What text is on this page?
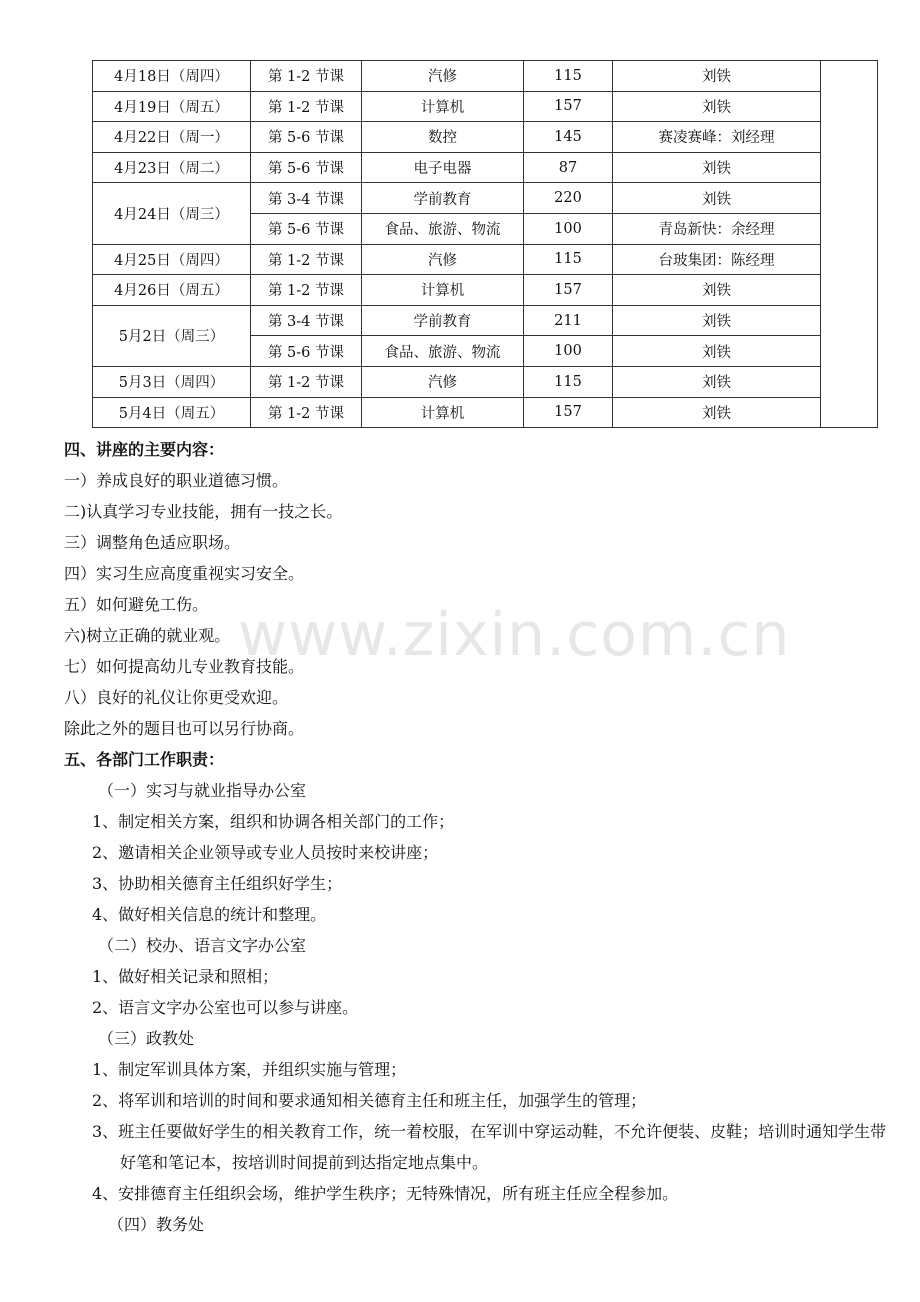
4月18日（周四）	第 1-2 节课	汽修	115	刘铁	
4月19日（周五）	第 1-2 节课	计算机	157	刘铁	
4月22日（周一）	第 5-6 节课	数控	145	赛凌赛峰：刘经理	
4月23日（周二）	第 5-6 节课	电子电器	87	刘铁	
4月24日（周三）	第 3-4 节课	学前教育	220	刘铁	
	第 5-6 节课	食品、旅游、物流	100	青岛新快：余经理	
4月25日（周四）	第 1-2 节课	汽修	115	台玻集团：陈经理	
4月26日（周五）	第 1-2 节课	计算机	157	刘铁	
5月2日（周三）	第 3-4 节课	学前教育	211	刘铁	
	第 5-6 节课	食品、旅游、物流	100	刘铁	
5月3日（周四）	第 1-2 节课	汽修	115	刘铁	
5月4日（周五）	第 1-2 节课	计算机	157	刘铁	
四、讲座的主要内容：
一）养成良好的职业道德习惯。
二)认真学习专业技能，拥有一技之长。
三）调整角色适应职场。
四）实习生应高度重视实习安全。
五）如何避免工伤。
六)树立正确的就业观。
七）如何提高幼儿专业教育技能。
八）良好的礼仪让你更受欢迎。
除此之外的题目也可以另行协商。
五、各部门工作职责：
（一）实习与就业指导办公室
1、制定相关方案，组织和协调各相关部门的工作；
2、邀请相关企业领导或专业人员按时来校讲座；
3、协助相关德育主任组织好学生；
4、做好相关信息的统计和整理。
（二）校办、语言文字办公室
1、做好相关记录和照相；
2、语言文字办公室也可以参与讲座。
（三）政教处
1、制定军训具体方案，并组织实施与管理；
2、将军训和培训的时间和要求通知相关德育主任和班主任，加强学生的管理；
3、班主任要做好学生的相关教育工作，统一着校服，在军训中穿运动鞋，不允许便装、皮鞋；培训时通知学生带好笔和笔记本，按培训时间提前到达指定地点集中。
4、安排德育主任组织会场，维护学生秩序；无特殊情况，所有班主任应全程参加。
（四）教务处
www.zixin.com.cn
